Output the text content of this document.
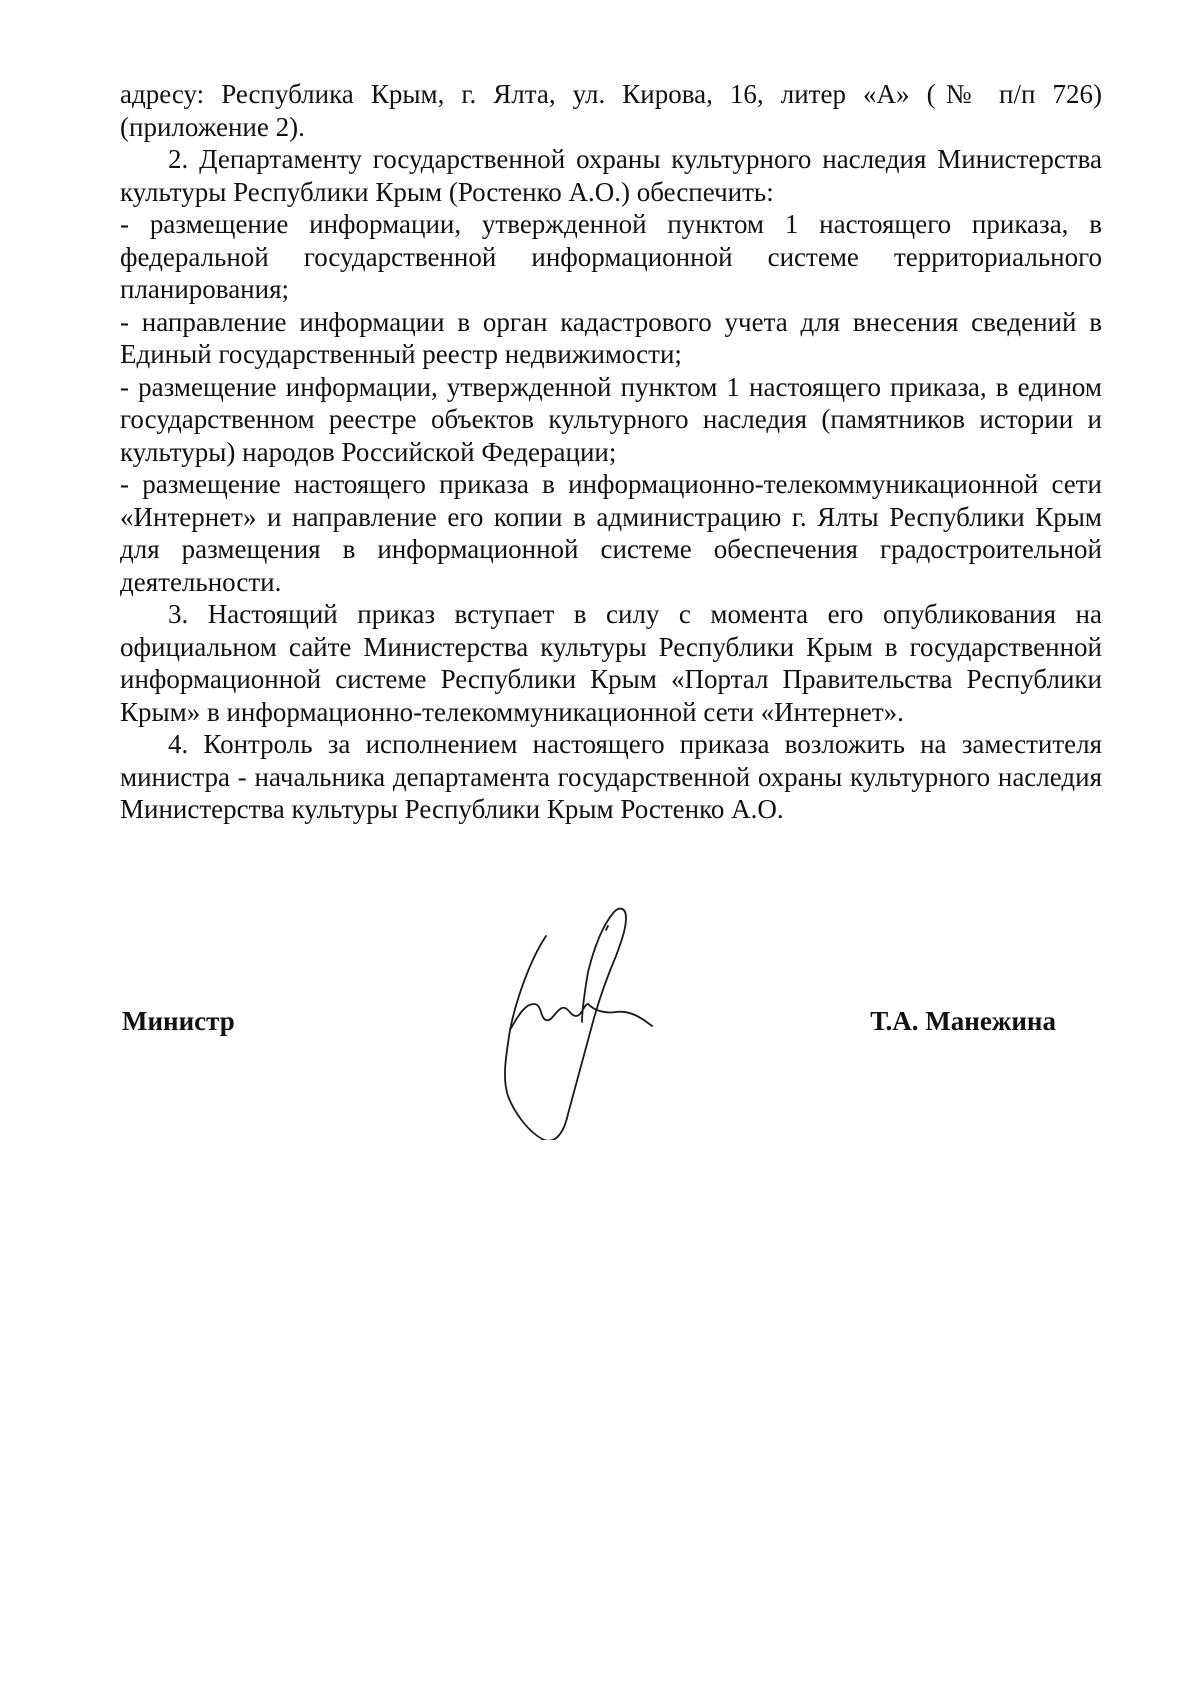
адресу: Республика Крым, г. Ялта, ул. Кирова, 16, литер «А» (№ п/п 726) (приложение 2).

2. Департаменту государственной охраны культурного наследия Министерства культуры Республики Крым (Ростенко А.О.) обеспечить:

- размещение информации, утвержденной пунктом 1 настоящего приказа, в федеральной государственной информационной системе территориального планирования;

- направление информации в орган кадастрового учета для внесения сведений в Единый государственный реестр недвижимости;

- размещение информации, утвержденной пунктом 1 настоящего приказа, в едином государственном реестре объектов культурного наследия (памятников истории и культуры) народов Российской Федерации;

- размещение настоящего приказа в информационно-телекоммуникационной сети «Интернет» и направление его копии в администрацию г. Ялты Республики Крым для размещения в информационной системе обеспечения градостроительной деятельности.

3. Настоящий приказ вступает в силу с момента его опубликования на официальном сайте Министерства культуры Республики Крым в государственной информационной системе Республики Крым «Портал Правительства Республики Крым» в информационно-телекоммуникационной сети «Интернет».

4. Контроль за исполнением настоящего приказа возложить на заместителя министра - начальника департамента государственной охраны культурного наследия Министерства культуры Республики Крым Ростенко А.О.

Министр	Т.А. Манежина
